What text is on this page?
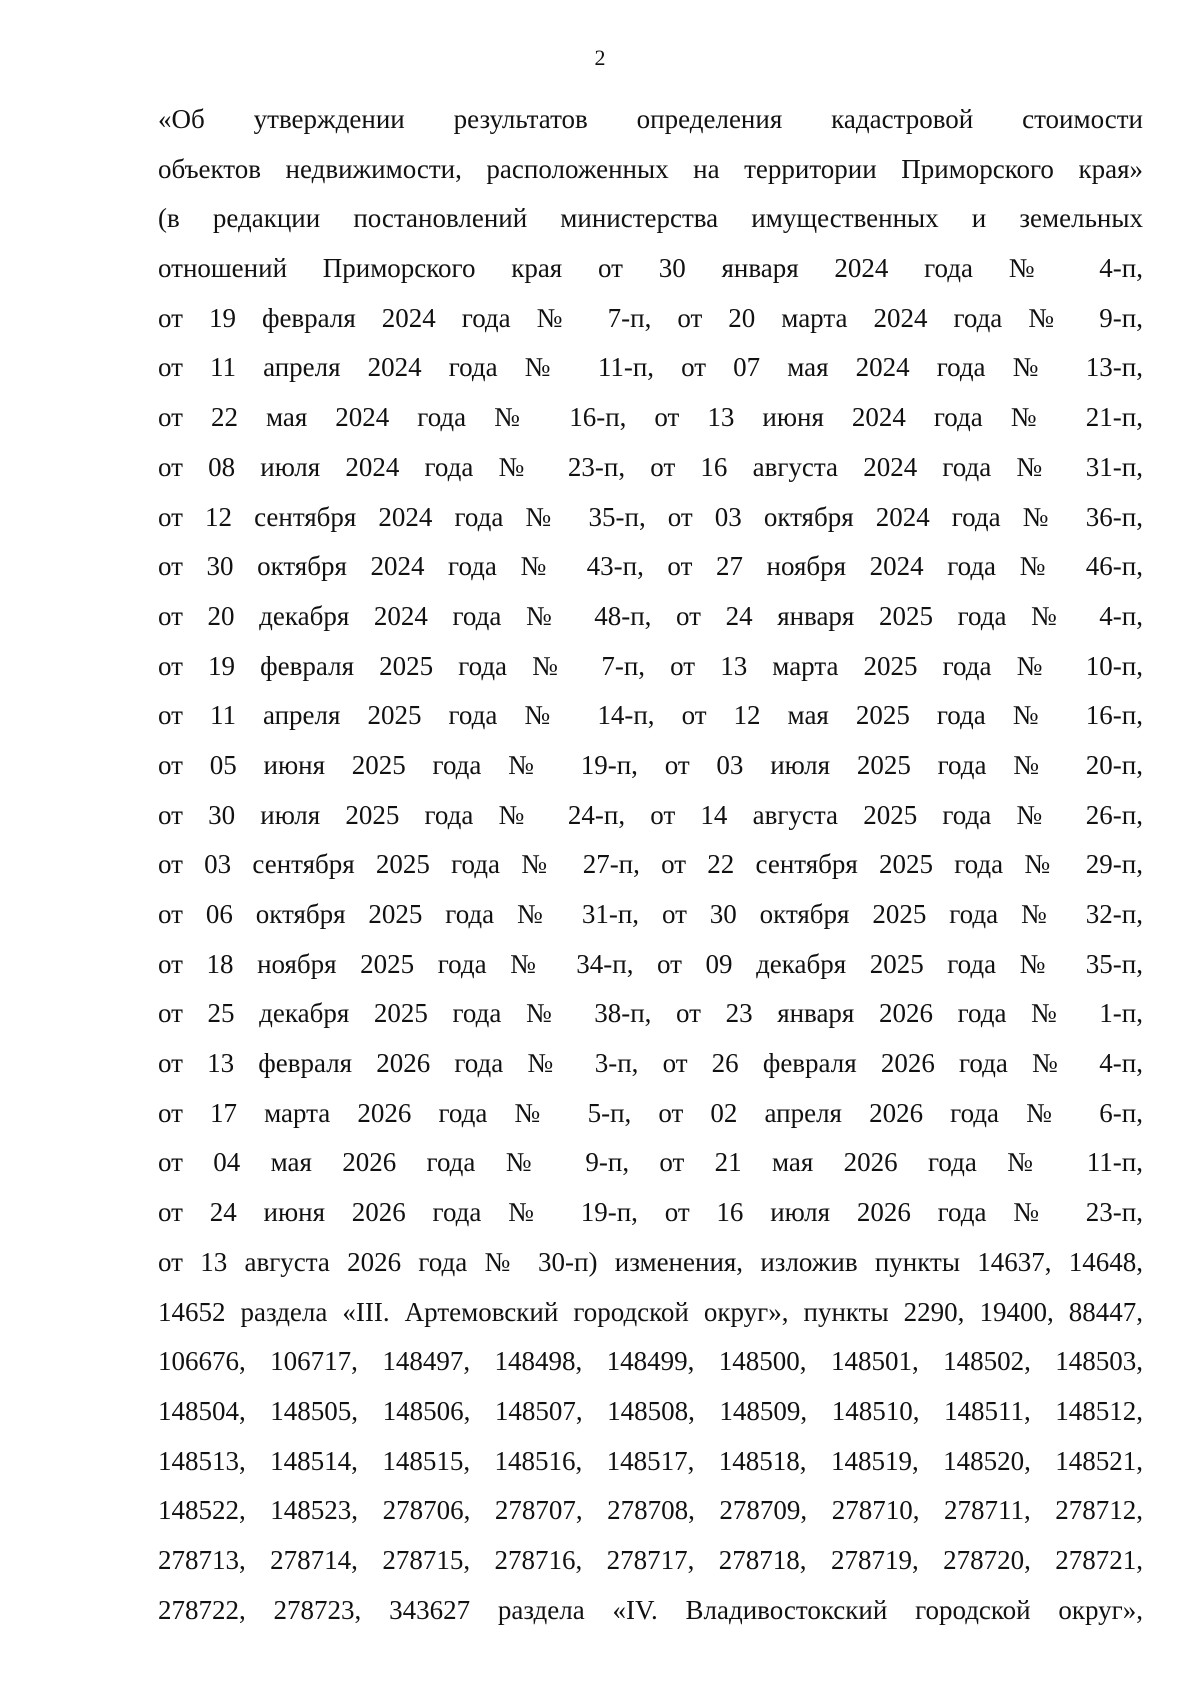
2
«Об утверждении результатов определения кадастровой стоимости
объектов недвижимости, расположенных на территории Приморского края»
(в редакции постановлений министерства имущественных и земельных
отношений Приморского края от 30 января 2024 года № 4-п,
от 19 февраля 2024 года № 7-п, от 20 марта 2024 года № 9-п,
от 11 апреля 2024 года № 11-п, от 07 мая 2024 года № 13-п,
от 22 мая 2024 года № 16-п, от 13 июня 2024 года № 21-п,
от 08 июля 2024 года № 23-п, от 16 августа 2024 года № 31-п,
от 12 сентября 2024 года № 35-п, от 03 октября 2024 года № 36-п,
от 30 октября 2024 года № 43-п, от 27 ноября 2024 года № 46-п,
от 20 декабря 2024 года № 48-п, от 24 января 2025 года № 4-п,
от 19 февраля 2025 года № 7-п, от 13 марта 2025 года № 10-п,
от 11 апреля 2025 года № 14-п, от 12 мая 2025 года № 16-п,
от 05 июня 2025 года № 19-п, от 03 июля 2025 года № 20-п,
от 30 июля 2025 года № 24-п, от 14 августа 2025 года № 26-п,
от 03 сентября 2025 года № 27-п, от 22 сентября 2025 года № 29-п,
от 06 октября 2025 года № 31-п, от 30 октября 2025 года № 32-п,
от 18 ноября 2025 года № 34-п, от 09 декабря 2025 года № 35-п,
от 25 декабря 2025 года № 38-п, от 23 января 2026 года № 1-п,
от 13 февраля 2026 года № 3-п, от 26 февраля 2026 года № 4-п,
от 17 марта 2026 года № 5-п, от 02 апреля 2026 года № 6-п,
от 04 мая 2026 года № 9-п, от 21 мая 2026 года № 11-п,
от 24 июня 2026 года № 19-п, от 16 июля 2026 года № 23-п,
от 13 августа 2026 года № 30-п) изменения, изложив пункты 14637, 14648,
14652 раздела «III. Артемовский городской округ», пункты 2290, 19400, 88447,
106676, 106717, 148497, 148498, 148499, 148500, 148501, 148502, 148503,
148504, 148505, 148506, 148507, 148508, 148509, 148510, 148511, 148512,
148513, 148514, 148515, 148516, 148517, 148518, 148519, 148520, 148521,
148522, 148523, 278706, 278707, 278708, 278709, 278710, 278711, 278712,
278713, 278714, 278715, 278716, 278717, 278718, 278719, 278720, 278721,
278722, 278723, 343627 раздела «IV. Владивостокский городской округ»,
